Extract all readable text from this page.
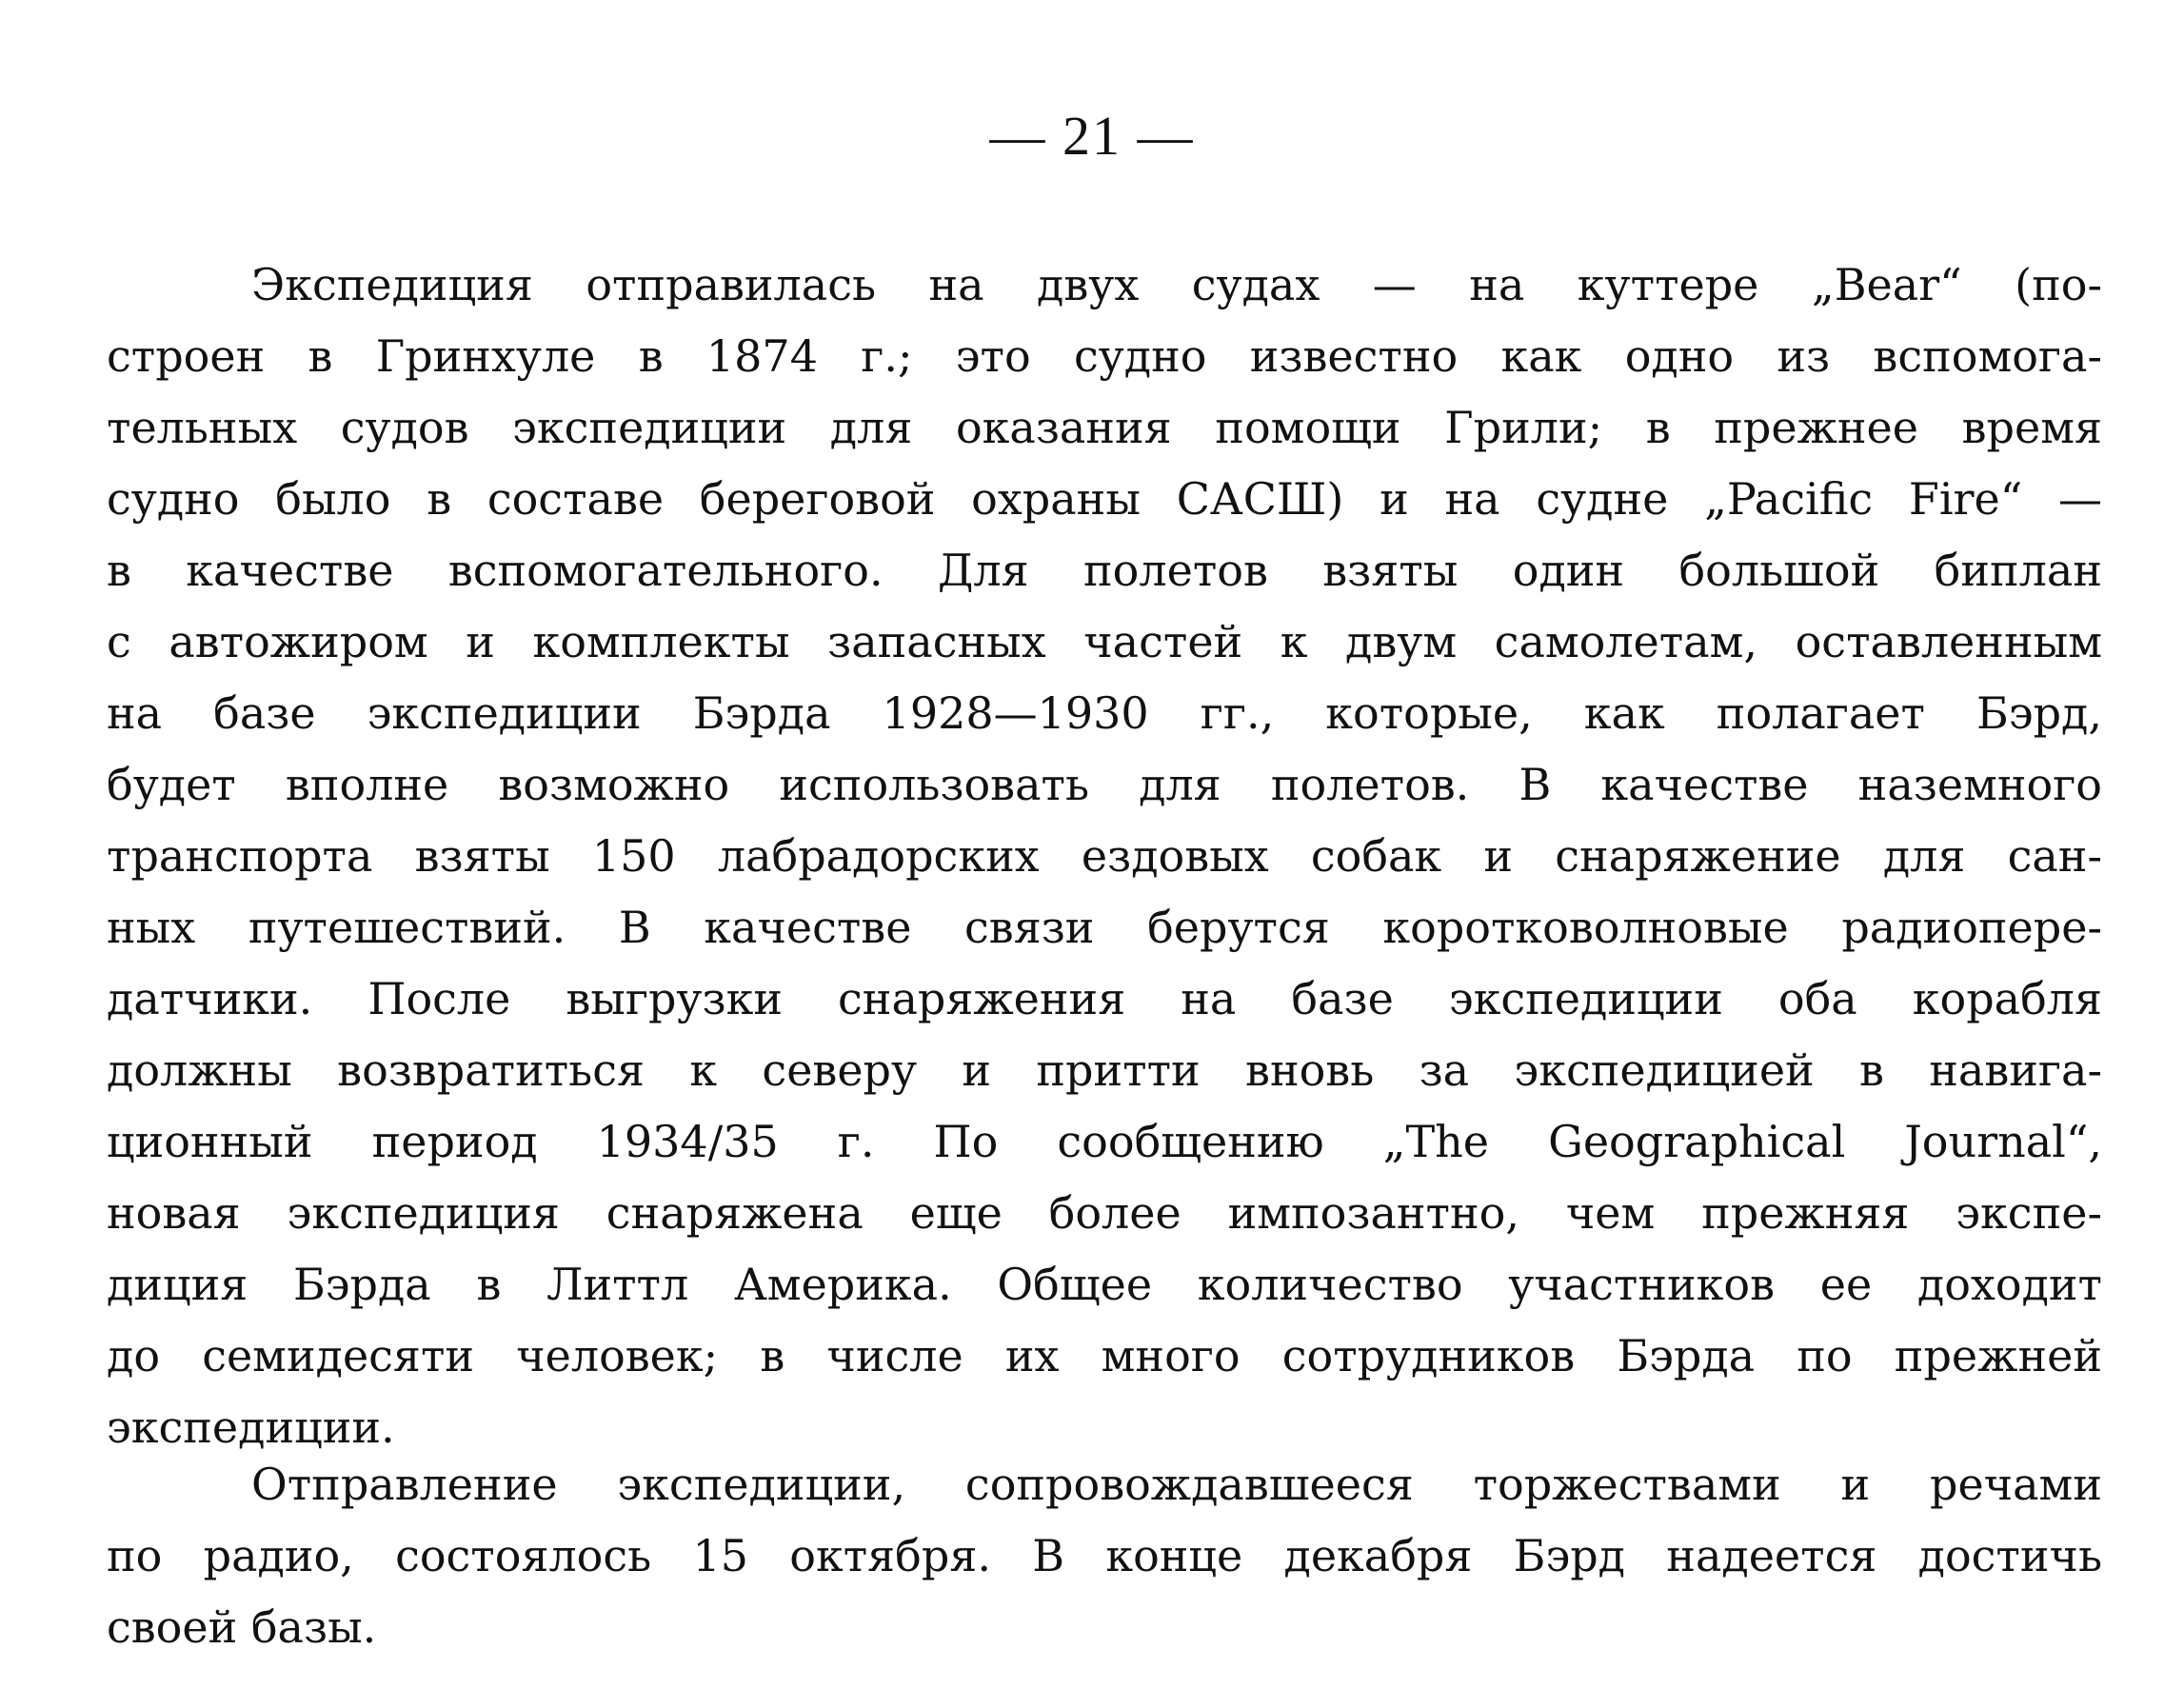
— 21 —
Экспедиция отправилась на двух судах — на куттере „Bear“ (по-
строен в Гринхуле в 1874 г.; это судно известно как одно из вспомога-
тельных судов экспедиции для оказания помощи Грили; в прежнее время
судно было в составе береговой охраны САСШ) и на судне „Pacific Fire“ —
в качестве вспомогательного. Для полетов взяты один большой биплан
с автожиром и комплекты запасных частей к двум самолетам, оставленным
на базе экспедиции Бэрда 1928—1930 гг., которые, как полагает Бэрд,
будет вполне возможно использовать для полетов. В качестве наземного
транспорта взяты 150 лабрадорских ездовых собак и снаряжение для сан-
ных путешествий. В качестве связи берутся коротковолновые радиопере-
датчики. После выгрузки снаряжения на базе экспедиции оба корабля
должны возвратиться к северу и притти вновь за экспедицией в навига-
ционный период 1934/35 г. По сообщению „The Geographical Journal“,
новая экспедиция снаряжена еще более импозантно, чем прежняя экспе-
диция Бэрда в Литтл Америка. Общее количество участников ее доходит
до семидесяти человек; в числе их много сотрудников Бэрда по прежней
экспедиции.
Отправление экспедиции, сопровождавшееся торжествами и речами
по радио, состоялось 15 октября. В конце декабря Бэрд надеется достичь
своей базы.
